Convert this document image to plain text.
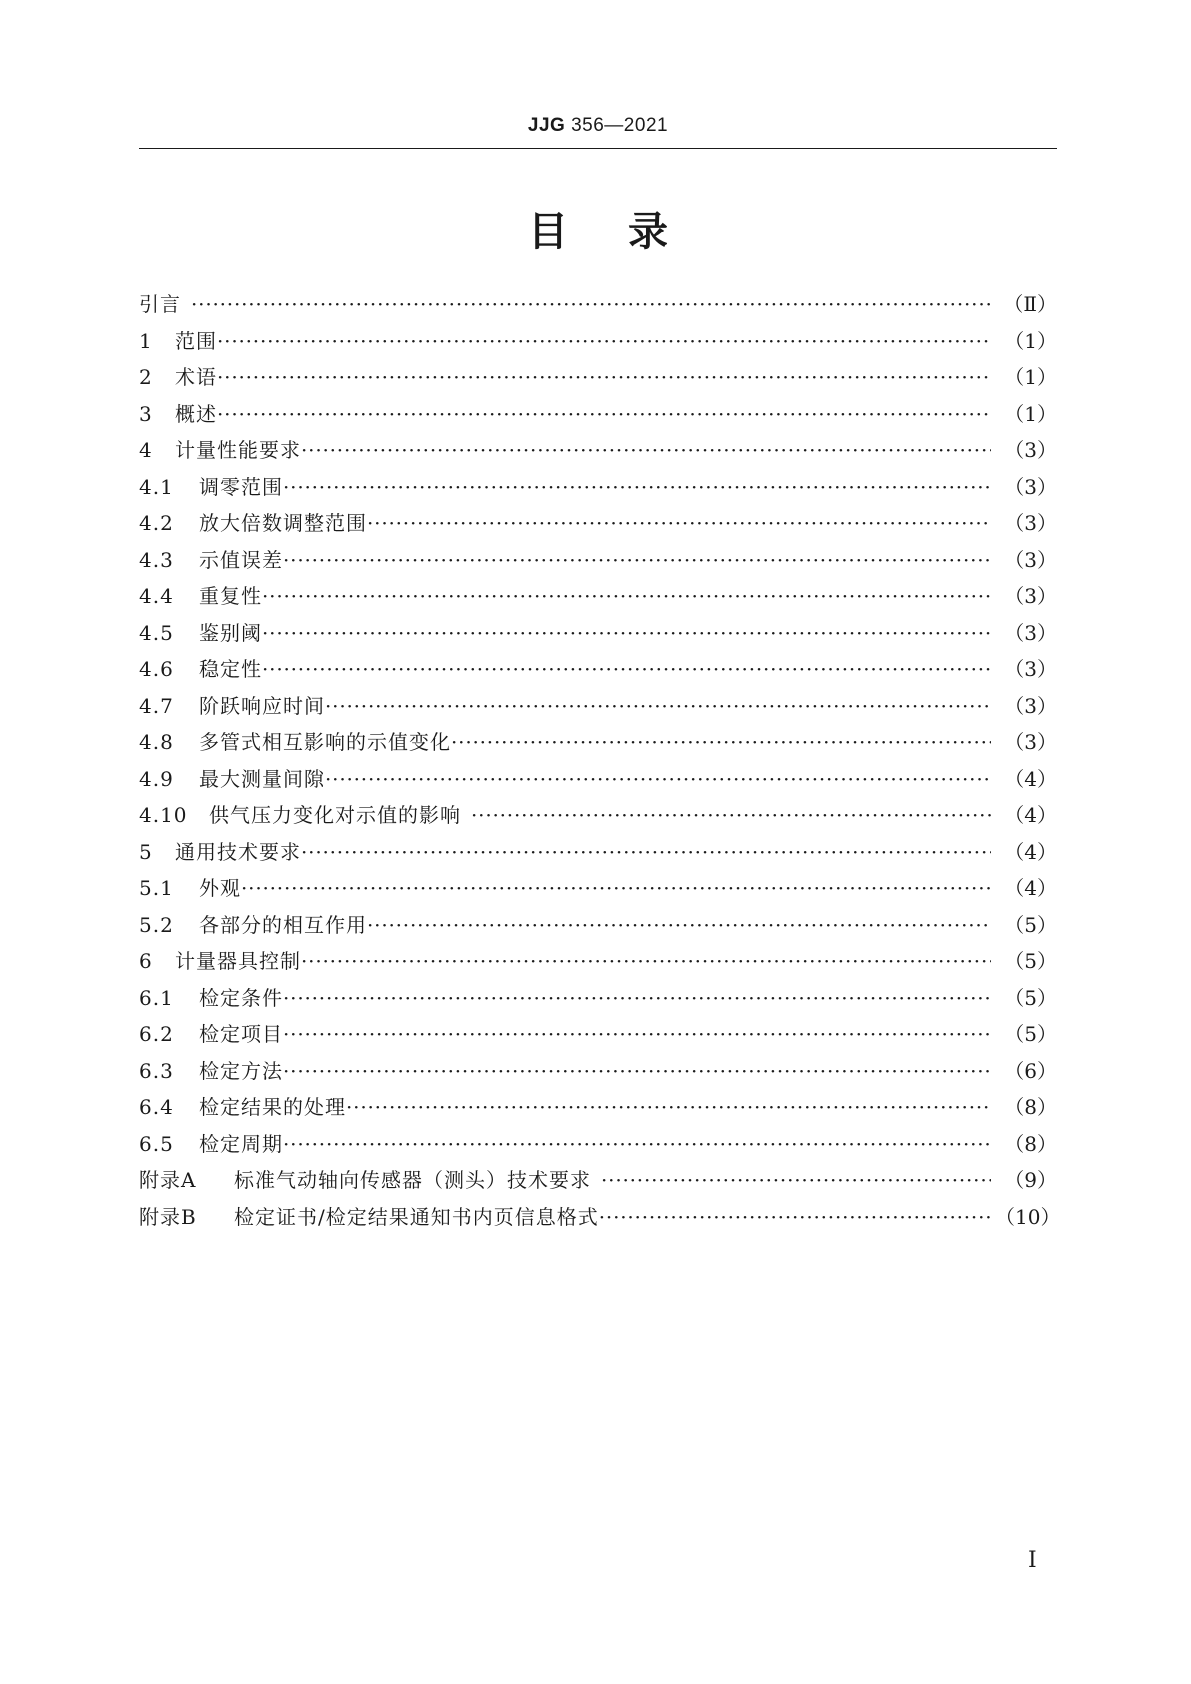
JJG 356—2021
目录
引言 ·····	（Ⅱ）
1	范围 ·····	（1）
2	术语 ·····	（1）
3	概述 ·····	（1）
4	计量性能要求 ·····	（3）
4.1	调零范围 ·····	（3）
4.2	放大倍数调整范围 ·····	（3）
4.3	示值误差 ·····	（3）
4.4	重复性 ·····	（3）
4.5	鉴别阈 ·····	（3）
4.6	稳定性 ·····	（3）
4.7	阶跃响应时间 ·····	（3）
4.8	多管式相互影响的示值变化 ·····	（3）
4.9	最大测量间隙 ·····	（4）
4.10	供气压力变化对示值的影响 ·····	（4）
5	通用技术要求 ·····	（4）
5.1	外观 ·····	（4）
5.2	各部分的相互作用 ·····	（5）
6	计量器具控制 ·····	（5）
6.1	检定条件 ·····	（5）
6.2	检定项目 ·····	（5）
6.3	检定方法 ·····	（6）
6.4	检定结果的处理 ·····	（8）
6.5	检定周期 ·····	（8）
附录A	标准气动轴向传感器（测头）技术要求 ·····	（9）
附录B	检定证书/检定结果通知书内页信息格式 ·····	（10）
Ⅰ
